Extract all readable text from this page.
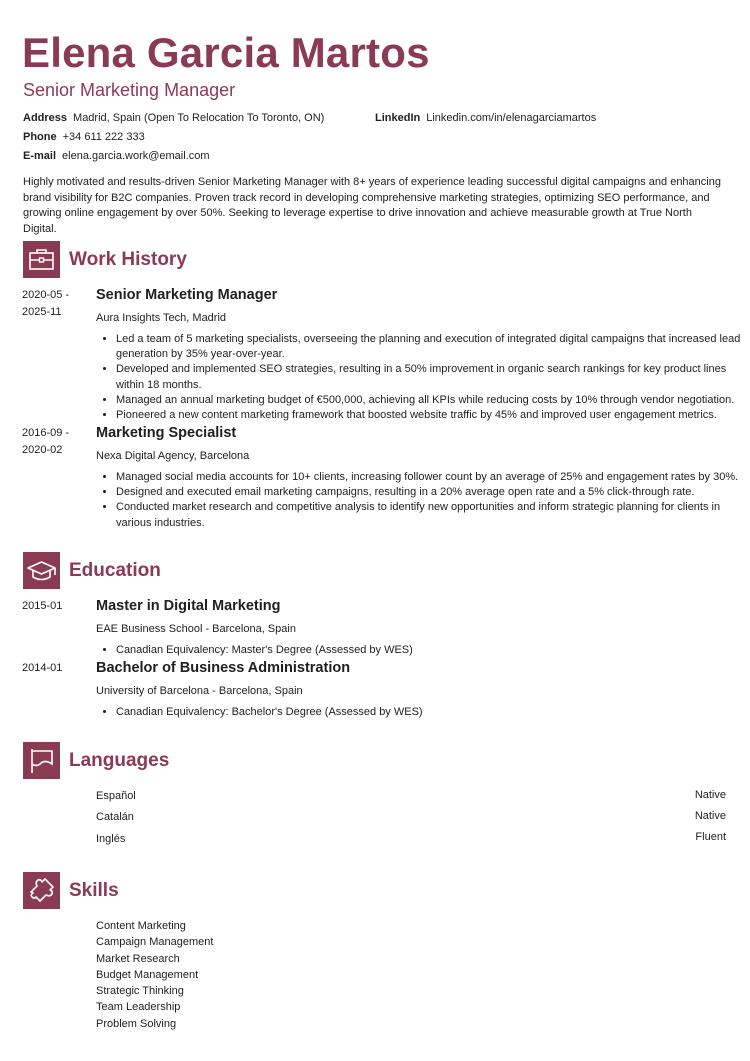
Elena Garcia Martos
Senior Marketing Manager
Address Madrid, Spain (Open To Relocation To Toronto, ON)
Phone +34 611 222 333
E-mail elena.garcia.work@email.com
LinkedIn Linkedin.com/in/elenagarciamartos
Highly motivated and results-driven Senior Marketing Manager with 8+ years of experience leading successful digital campaigns and enhancing brand visibility for B2C companies. Proven track record in developing comprehensive marketing strategies, optimizing SEO performance, and growing online engagement by over 50%. Seeking to leverage expertise to drive innovation and achieve measurable growth at True North Digital.
Work History
2020-05 -
2025-11
Senior Marketing Manager
Aura Insights Tech, Madrid
• Led a team of 5 marketing specialists, overseeing the planning and execution of integrated digital campaigns that increased lead generation by 35% year-over-year.
• Developed and implemented SEO strategies, resulting in a 50% improvement in organic search rankings for key product lines within 18 months.
• Managed an annual marketing budget of €500,000, achieving all KPIs while reducing costs by 10% through vendor negotiation.
• Pioneered a new content marketing framework that boosted website traffic by 45% and improved user engagement metrics.
2016-09 -
2020-02
Marketing Specialist
Nexa Digital Agency, Barcelona
• Managed social media accounts for 10+ clients, increasing follower count by an average of 25% and engagement rates by 30%.
• Designed and executed email marketing campaigns, resulting in a 20% average open rate and a 5% click-through rate.
• Conducted market research and competitive analysis to identify new opportunities and inform strategic planning for clients in various industries.
Education
2015-01 Master in Digital Marketing
EAE Business School - Barcelona, Spain
• Canadian Equivalency: Master's Degree (Assessed by WES)
2014-01 Bachelor of Business Administration
University of Barcelona - Barcelona, Spain
• Canadian Equivalency: Bachelor's Degree (Assessed by WES)
Languages
Español	Native
Catalán	Native
Inglés	Fluent
Skills
Content Marketing
Campaign Management
Market Research
Budget Management
Strategic Thinking
Team Leadership
Problem Solving
